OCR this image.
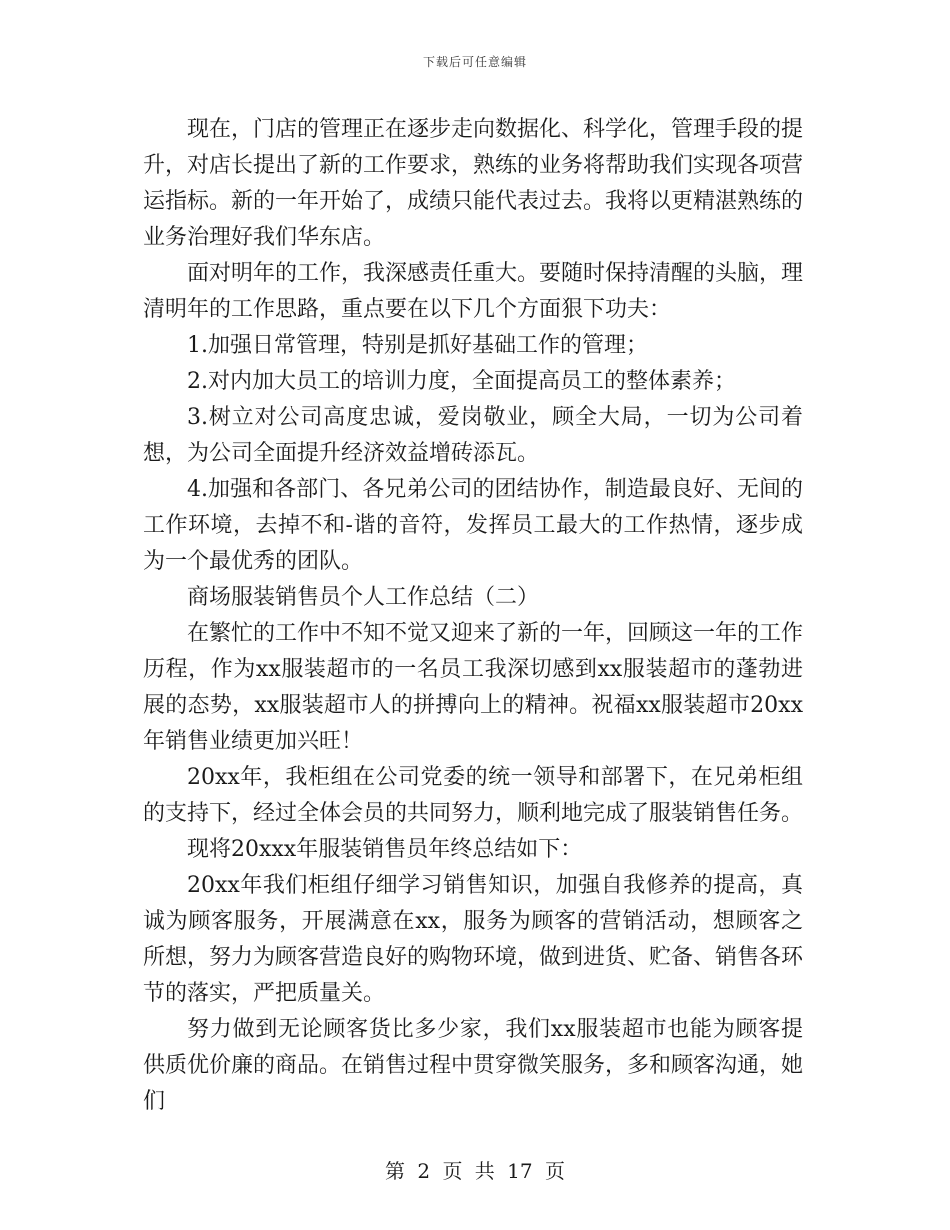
下载后可任意编辑

现在，门店的管理正在逐步走向数据化、科学化，管理手段的提升，对店长提出了新的工作要求，熟练的业务将帮助我们实现各项营运指标。新的一年开始了，成绩只能代表过去。我将以更精湛熟练的业务治理好我们华东店。

面对明年的工作，我深感责任重大。要随时保持清醒的头脑，理清明年的工作思路，重点要在以下几个方面狠下功夫：

1.加强日常管理，特别是抓好基础工作的管理；

2.对内加大员工的培训力度，全面提高员工的整体素养；

3.树立对公司高度忠诚，爱岗敬业，顾全大局，一切为公司着想，为公司全面提升经济效益增砖添瓦。

4.加强和各部门、各兄弟公司的团结协作，制造最良好、无间的工作环境，去掉不和-谐的音符，发挥员工最大的工作热情，逐步成为一个最优秀的团队。

商场服装销售员个人工作总结（二）

在繁忙的工作中不知不觉又迎来了新的一年，回顾这一年的工作历程，作为xx服装超市的一名员工我深切感到xx服装超市的蓬勃进展的态势，xx服装超市人的拼搏向上的精神。祝福xx服装超市20xx年销售业绩更加兴旺！

20xx年，我柜组在公司党委的统一领导和部署下，在兄弟柜组的支持下，经过全体会员的共同努力，顺利地完成了服装销售任务。

现将20xxx年服装销售员年终总结如下：

20xx年我们柜组仔细学习销售知识，加强自我修养的提高，真诚为顾客服务，开展满意在xx，服务为顾客的营销活动，想顾客之所想，努力为顾客营造良好的购物环境，做到进货、贮备、销售各环节的落实，严把质量关。

努力做到无论顾客货比多少家，我们xx服装超市也能为顾客提供质优价廉的商品。在销售过程中贯穿微笑服务，多和顾客沟通，她们

第 2 页 共 17 页
